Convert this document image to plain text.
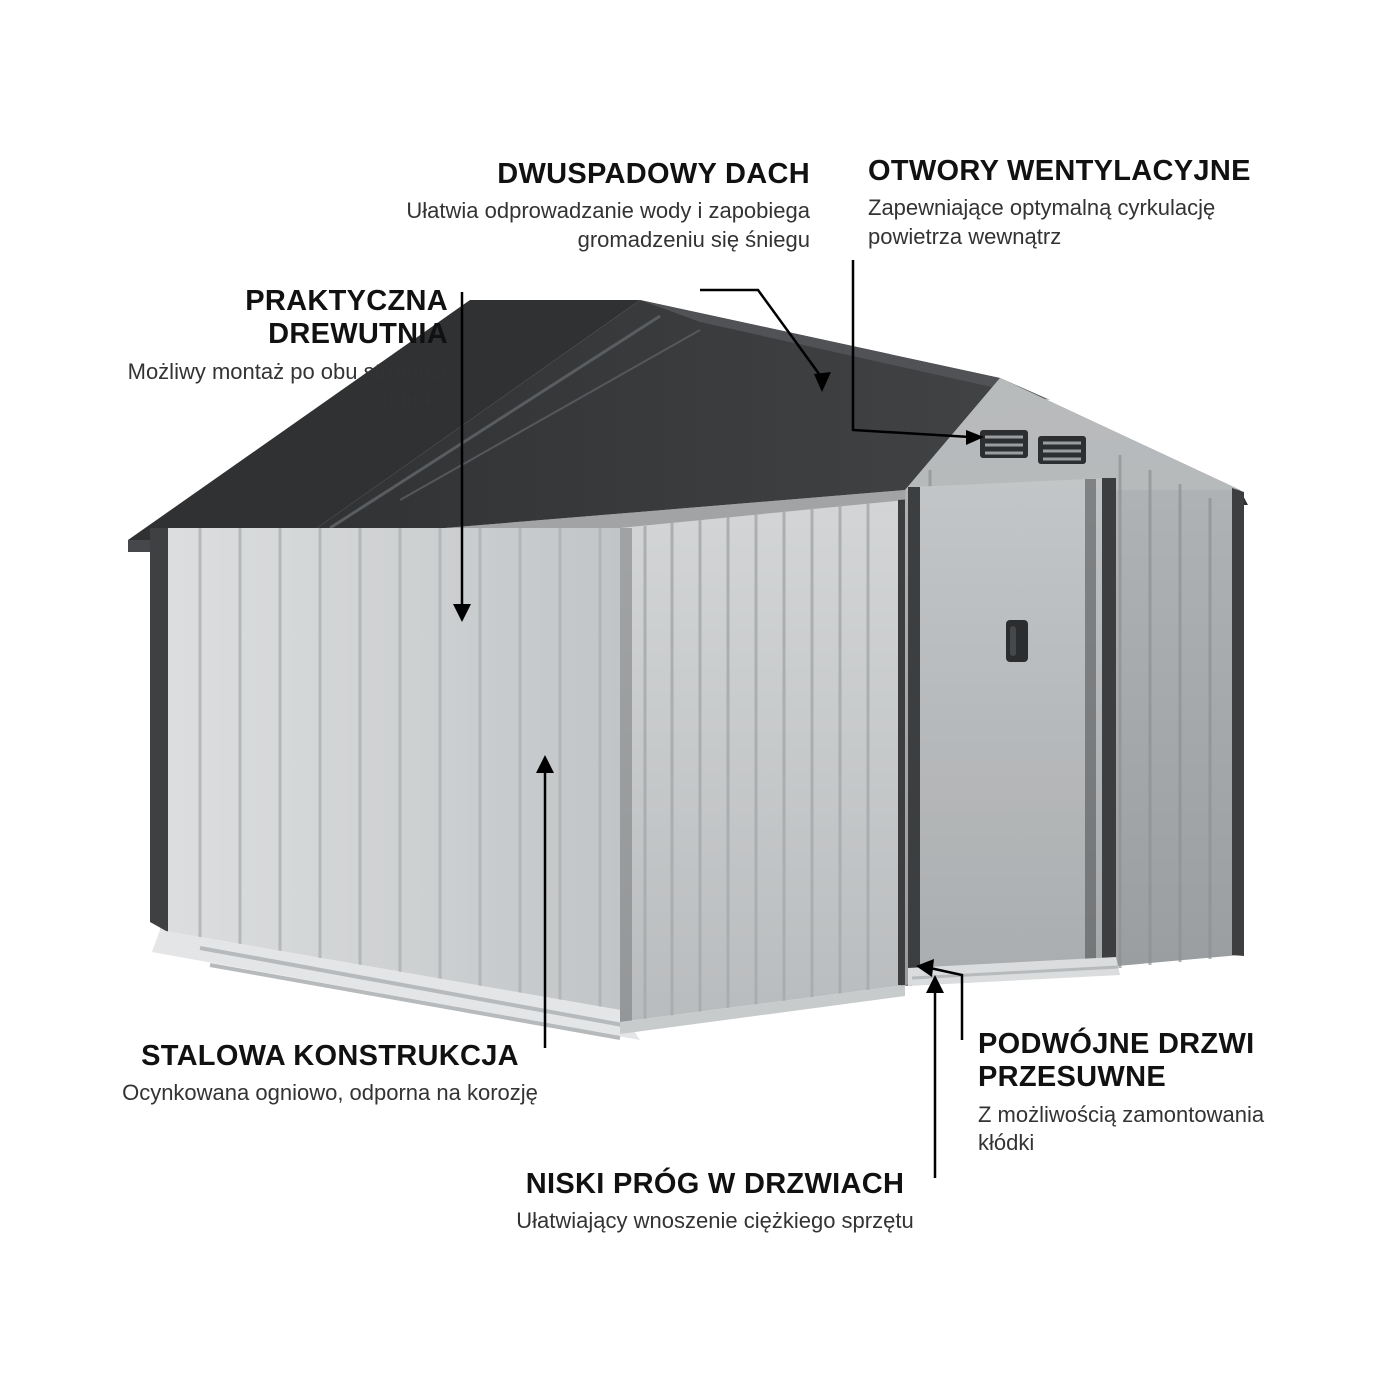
DWUSPADOWY DACH

Ułatwia odprowadzanie wody i zapobiega gromadzeniu się śniegu

OTWORY WENTYLACYJNE

Zapewniające optymalną cyrkulację powietrza wewnątrz

PRAKTYCZNA DREWUTNIA

Możliwy montaż po obu stronach domku

STALOWA KONSTRUKCJA

Ocynkowana ogniowo, odporna na korozję

PODWÓJNE DRZWI PRZESUWNE

Z możliwością zamontowania kłódki

NISKI PRÓG W DRZWIACH

Ułatwiający wnoszenie ciężkiego sprzętu
